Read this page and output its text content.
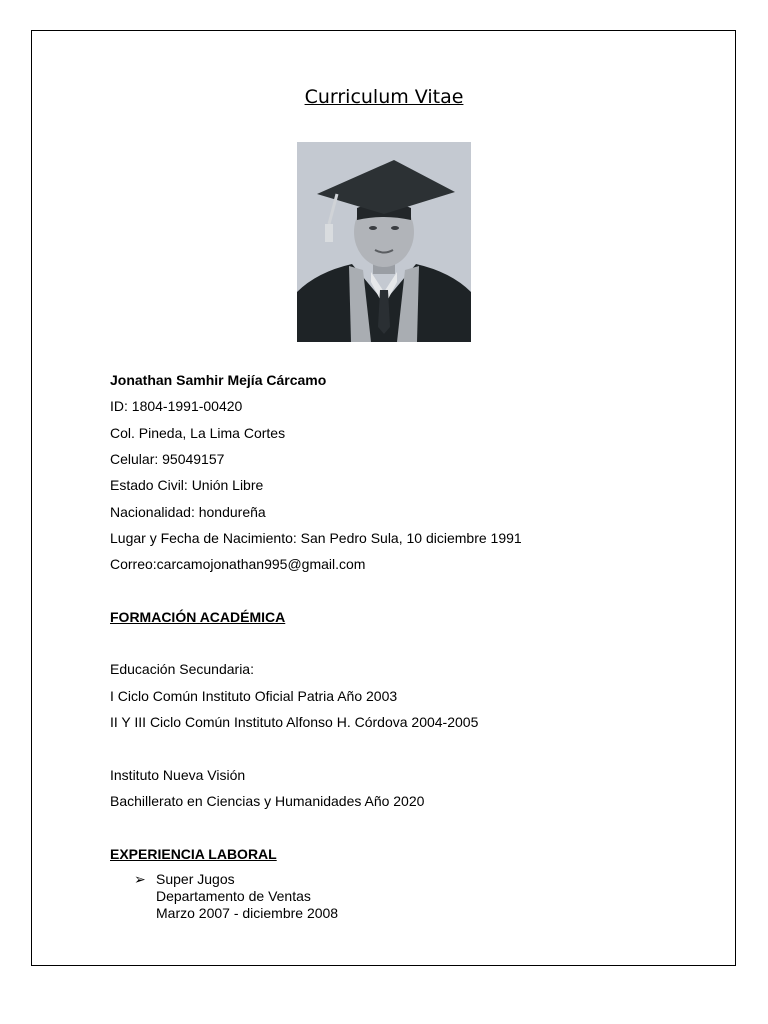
Curriculum Vitae
Jonathan Samhir Mejía Cárcamo
ID: 1804-1991-00420
Col. Pineda, La Lima Cortes
Celular: 95049157
Estado Civil: Unión Libre
Nacionalidad: hondureña
Lugar y Fecha de Nacimiento: San Pedro Sula, 10 diciembre 1991
Correo:carcamojonathan995@gmail.com
FORMACIÓN ACADÉMICA
Educación Secundaria:
I Ciclo Común Instituto Oficial Patria Año 2003
II Y III Ciclo Común Instituto Alfonso H. Córdova 2004-2005
Instituto Nueva Visión
Bachillerato en Ciencias y Humanidades Año 2020
EXPERIENCIA LABORAL
➢ Super Jugos
Departamento de Ventas
Marzo 2007 - diciembre 2008
